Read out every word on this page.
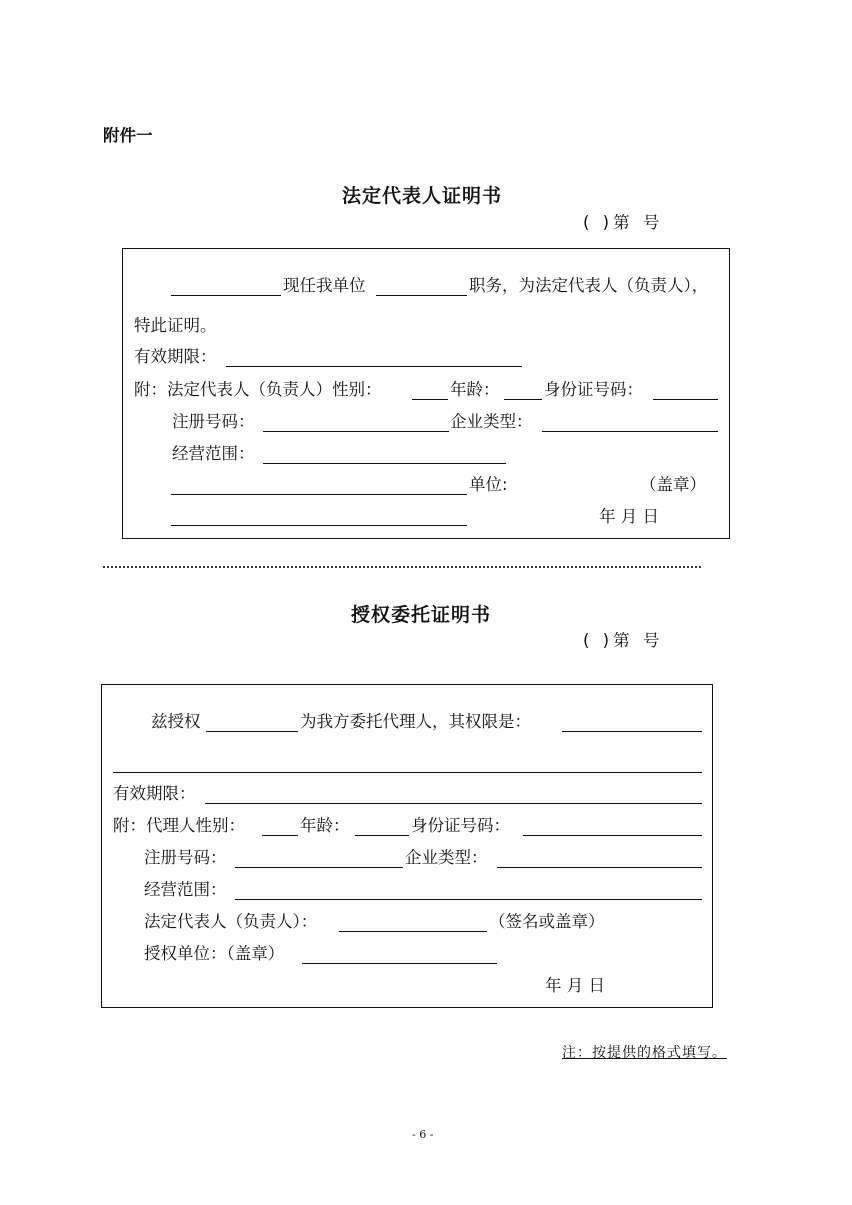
附件一
法定代表人证明书
( )第 号
现任我单位	职务，为法定代表人（负责人），
特此证明。
有效期限：
附：法定代表人（负责人）性别：	年龄：	身份证号码：
注册号码：	企业类型：
经营范围：
单位:	（盖章）
年 月 日
授权委托证明书
( )第 号
兹授权	为我方委托代理人，其权限是：
有效期限：
附：代理人性别：	年龄：	身份证号码：
注册号码：	企业类型：
经营范围：
法定代表人（负责人）：	（签名或盖章）
授权单位：（盖章）
年 月 日
注：按提供的格式填写。
- 6 -
